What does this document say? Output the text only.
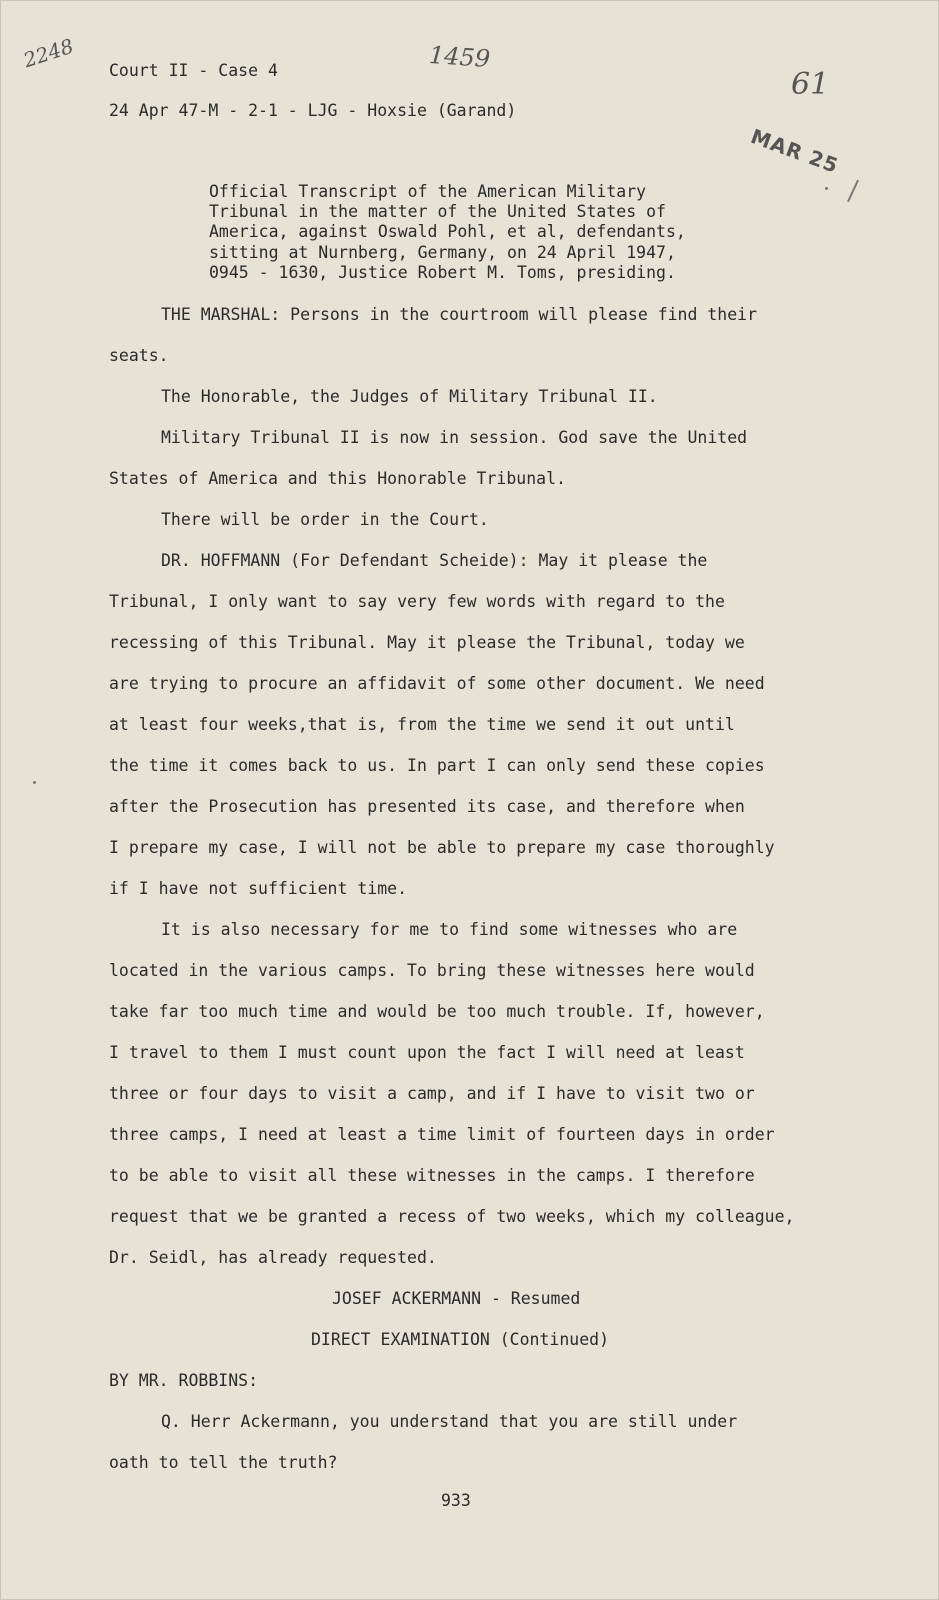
2248	1459
61
MAR 25
Court II - Case 4
24 Apr 47-M - 2-1 - LJG - Hoxsie (Garand)
Official Transcript of the American Military
Tribunal in the matter of the United States of
America, against Oswald Pohl, et al, defendants,
sitting at Nurnberg, Germany, on 24 April 1947,
0945 - 1630, Justice Robert M. Toms, presiding.
THE MARSHAL: Persons in the courtroom will please find their
seats.
The Honorable, the Judges of Military Tribunal II.
Military Tribunal II is now in session. God save the United
States of America and this Honorable Tribunal.
There will be order in the Court.
DR. HOFFMANN (For Defendant Scheide): May it please the
Tribunal, I only want to say very few words with regard to the
recessing of this Tribunal. May it please the Tribunal, today we
are trying to procure an affidavit of some other document. We need
at least four weeks,that is, from the time we send it out until
the time it comes back to us. In part I can only send these copies
after the Prosecution has presented its case, and therefore when
I prepare my case, I will not be able to prepare my case thoroughly
if I have not sufficient time.
It is also necessary for me to find some witnesses who are
located in the various camps. To bring these witnesses here would
take far too much time and would be too much trouble. If, however,
I travel to them I must count upon the fact I will need at least
three or four days to visit a camp, and if I have to visit two or
three camps, I need at least a time limit of fourteen days in order
to be able to visit all these witnesses in the camps. I therefore
request that we be granted a recess of two weeks, which my colleague,
Dr. Seidl, has already requested.
JOSEF ACKERMANN - Resumed
DIRECT EXAMINATION (Continued)
BY MR. ROBBINS:
Q. Herr Ackermann, you understand that you are still under
oath to tell the truth?
933
